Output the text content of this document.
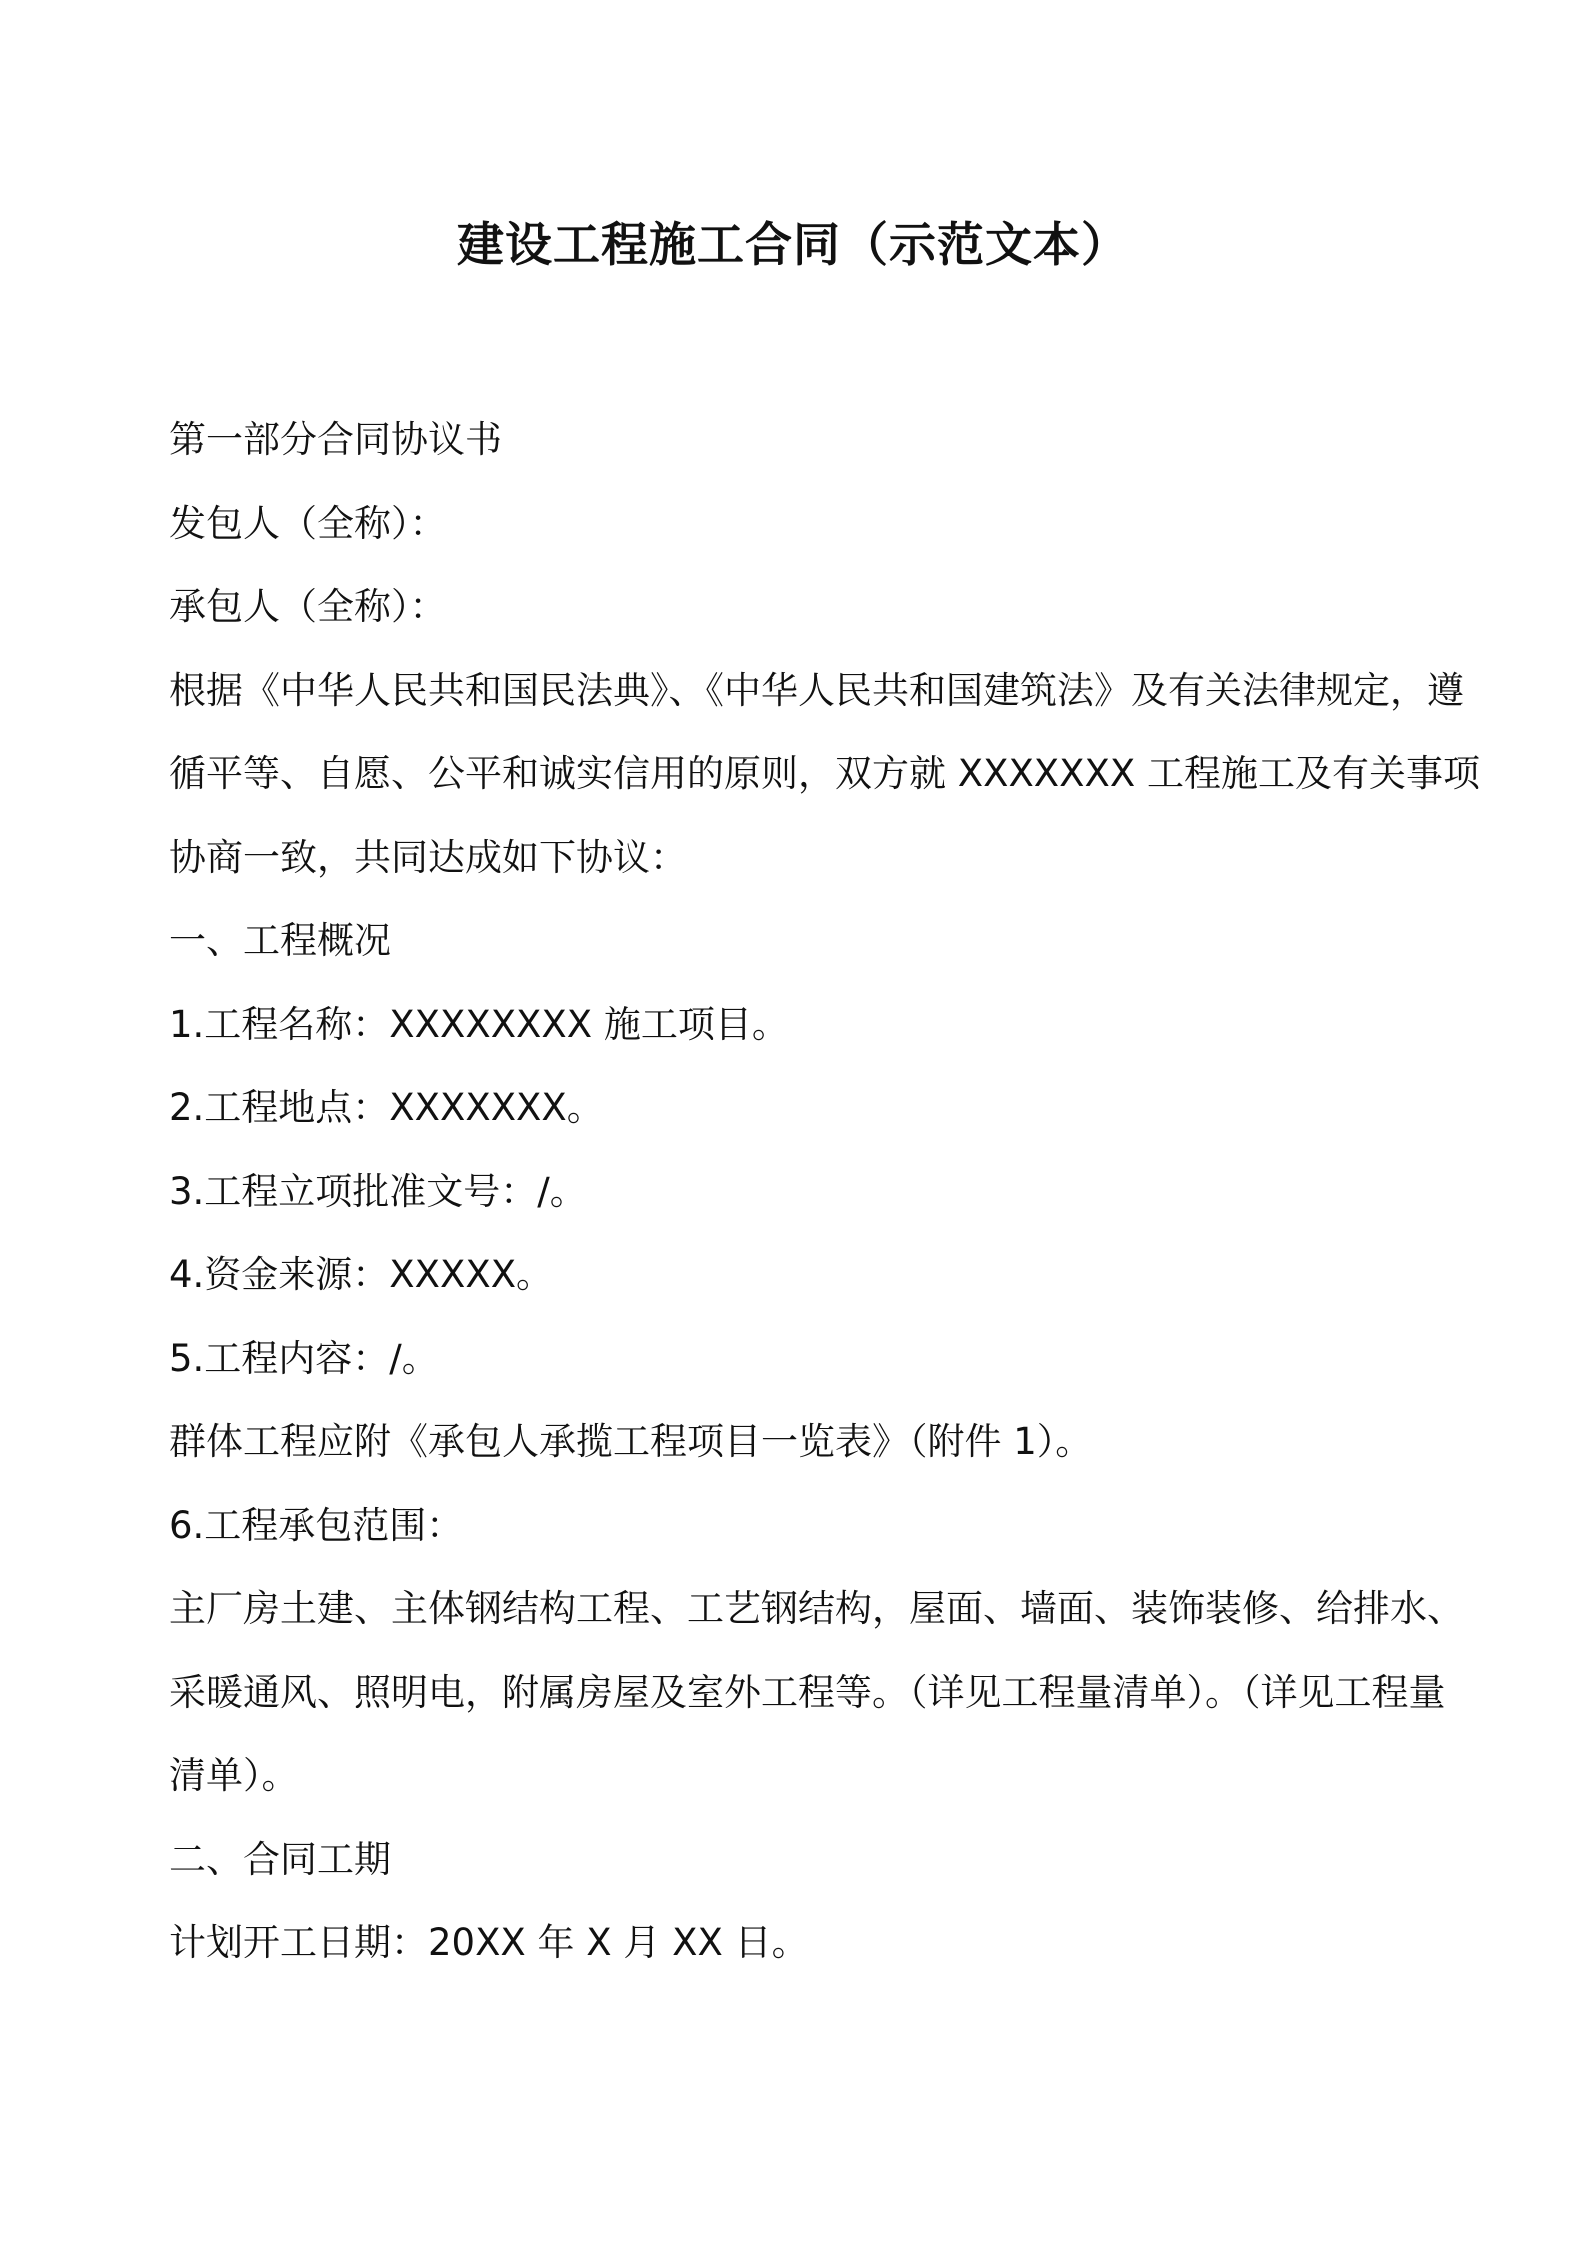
建设工程施工合同（示范文本）
第一部分合同协议书
发包人（全称）：
承包人（全称）：
根据《中华人民共和国民法典》、《中华人民共和国建筑法》及有关法律规定，遵
循平等、自愿、公平和诚实信用的原则，双方就 XXXXXXX 工程施工及有关事项
协商一致，共同达成如下协议：
一、工程概况
1.工程名称：XXXXXXXX 施工项目。
2.工程地点：XXXXXXX。
3.工程立项批准文号：/。
4.资金来源：XXXXX。
5.工程内容：/。
群体工程应附《承包人承揽工程项目一览表》（附件 1）。
6.工程承包范围：
主厂房土建、主体钢结构工程、工艺钢结构，屋面、墙面、装饰装修、给排水、
采暖通风、照明电，附属房屋及室外工程等。（详见工程量清单）。（详见工程量
清单）。
二、合同工期
计划开工日期：20XX 年 X 月 XX 日。
